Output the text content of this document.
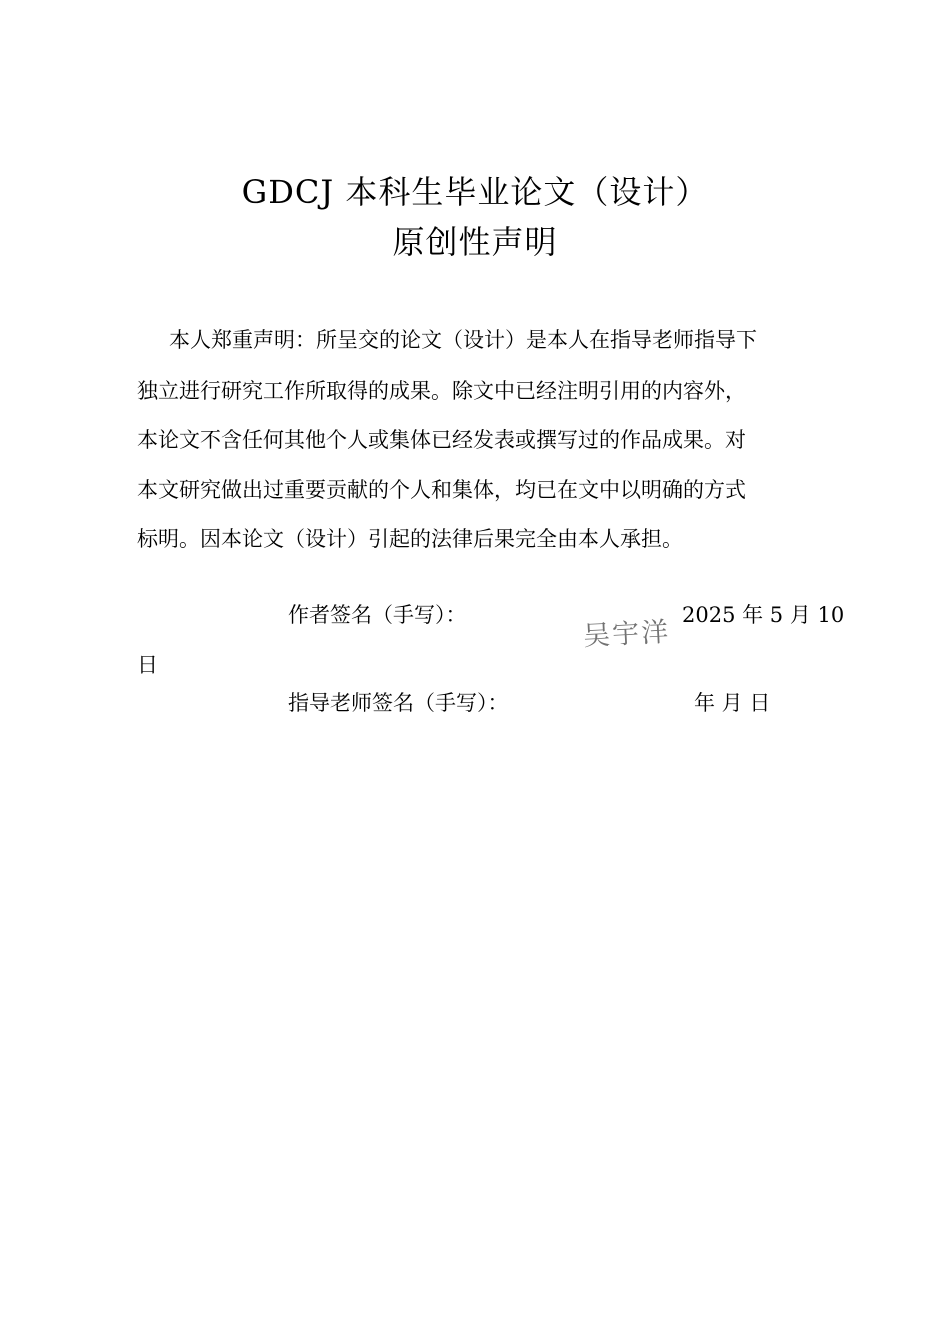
GDCJ 本科生毕业论文（设计）
原创性声明
本人郑重声明：所呈交的论文（设计）是本人在指导老师指导下
独立进行研究工作所取得的成果。除文中已经注明引用的内容外，
本论文不含任何其他个人或集体已经发表或撰写过的作品成果。对
本文研究做出过重要贡献的个人和集体，均已在文中以明确的方式
标明。因本论文（设计）引起的法律后果完全由本人承担。
作者签名（手写）：
吴宇洋
2025 年 5 月 10
日
指导老师签名（手写）：	年 月 日
